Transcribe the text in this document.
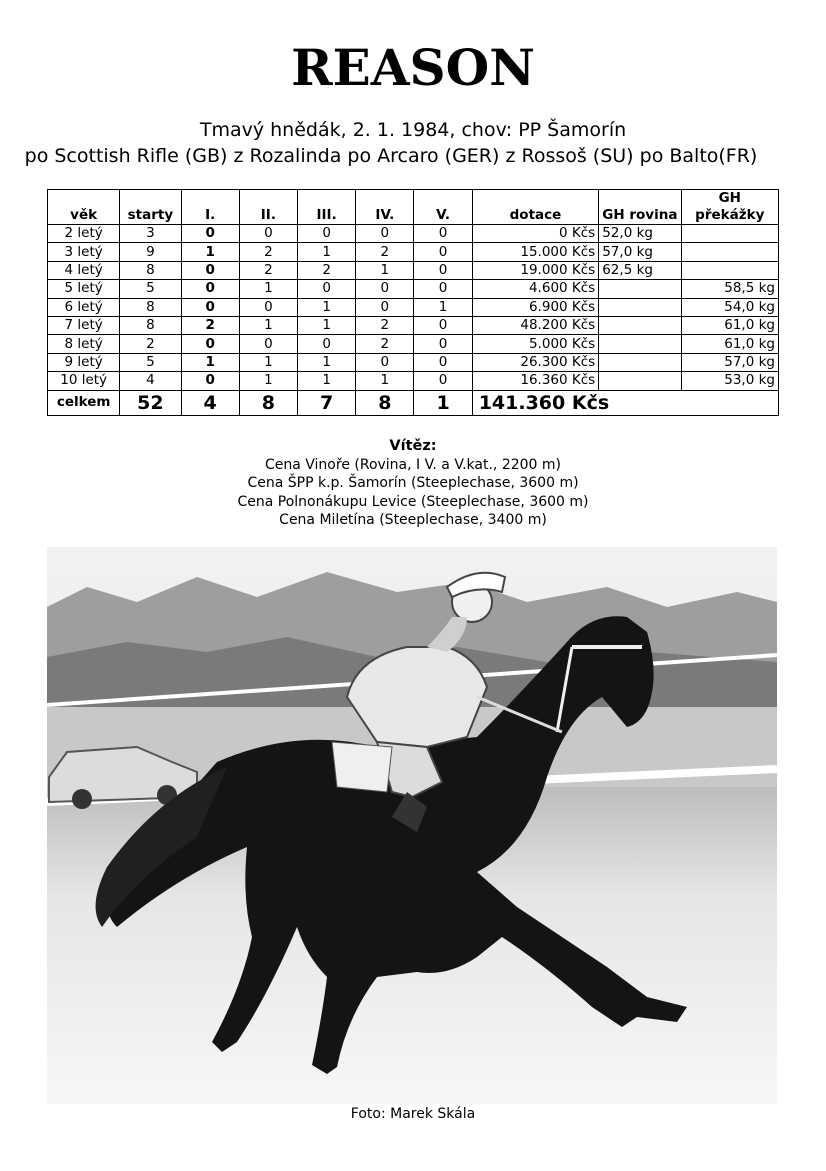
REASON
Tmavý hnědák, 2. 1. 1984, chov: PP Šamorín
po Scottish Rifle (GB) z Rozalinda po Arcaro (GER) z Rossoš (SU) po Balto(FR)
věk	starty	I.	II.	III.	IV.	V.	dotace	GH rovina	GH překážky
2 letý	3	0	0	0	0	0	0 Kčs	52,0 kg	
3 letý	9	1	2	1	2	0	15.000 Kčs	57,0 kg	
4 letý	8	0	2	2	1	0	19.000 Kčs	62,5 kg	
5 letý	5	0	1	0	0	0	4.600 Kčs		58,5 kg
6 letý	8	0	0	1	0	1	6.900 Kčs		54,0 kg
7 letý	8	2	1	1	2	0	48.200 Kčs		61,0 kg
8 letý	2	0	0	0	2	0	5.000 Kčs		61,0 kg
9 letý	5	1	1	1	0	0	26.300 Kčs		57,0 kg
10 letý	4	0	1	1	1	0	16.360 Kčs		53,0 kg
celkem	52	4	8	7	8	1	141.360 Kčs		
Vítěz:
Cena Vinoře (Rovina, I V. a V.kat., 2200 m)
Cena ŠPP k.p. Šamorín (Steeplechase, 3600 m)
Cena Polnonákupu Levice (Steeplechase, 3600 m)
Cena Miletína (Steeplechase, 3400 m)
Foto: Marek Skála
